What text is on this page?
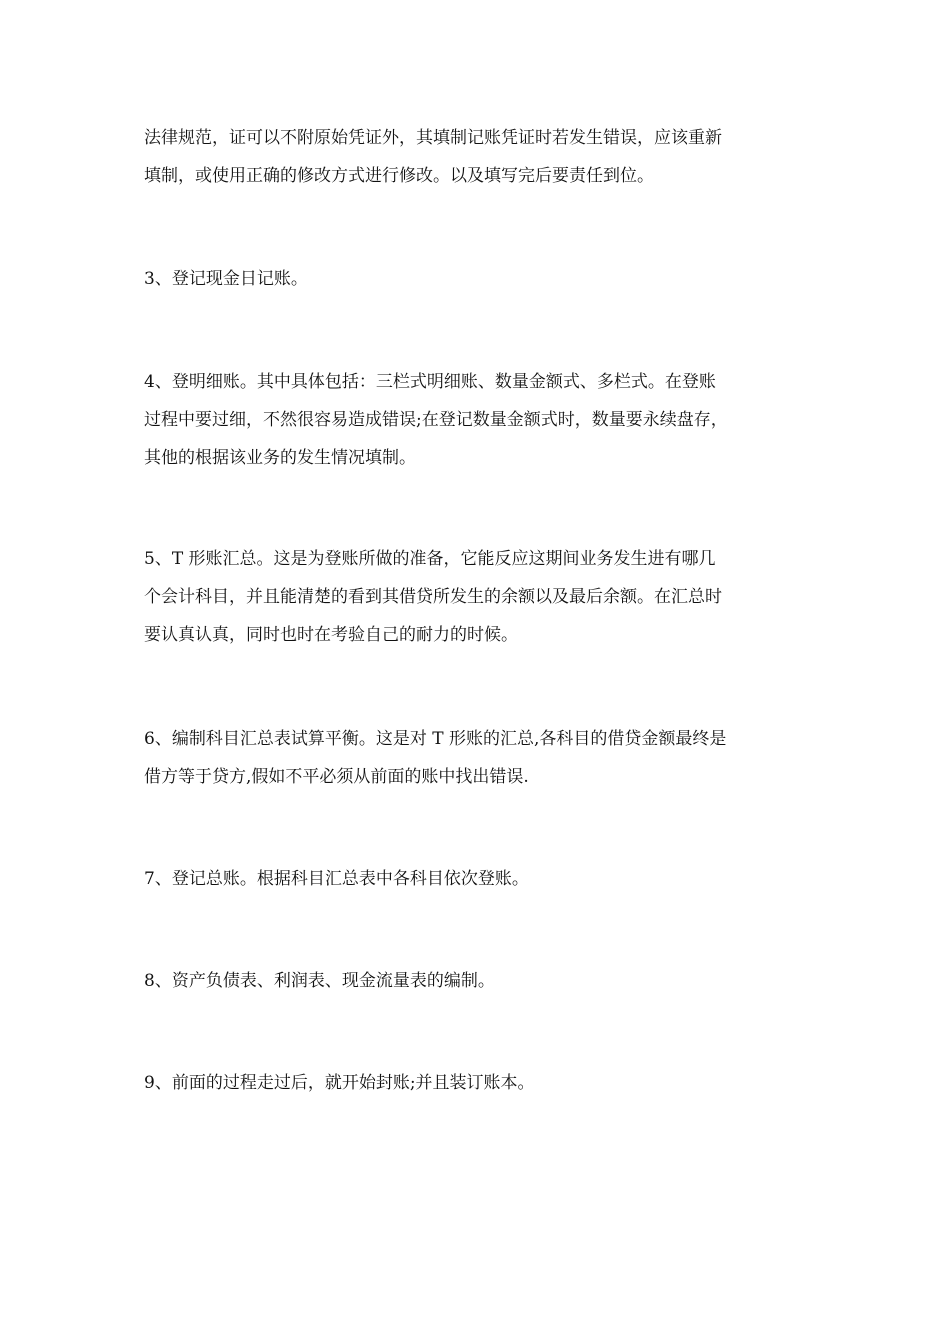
法律规范，证可以不附原始凭证外，其填制记账凭证时若发生错误，应该重新
填制，或使用正确的修改方式进行修改。以及填写完后要责任到位。

3、登记现金日记账。

4、登明细账。其中具体包括：三栏式明细账、数量金额式、多栏式。在登账
过程中要过细，不然很容易造成错误;在登记数量金额式时，数量要永续盘存，
其他的根据该业务的发生情况填制。

5、T 形账汇总。这是为登账所做的准备，它能反应这期间业务发生进有哪几
个会计科目，并且能清楚的看到其借贷所发生的余额以及最后余额。在汇总时
要认真认真，同时也时在考验自己的耐力的时候。

6、编制科目汇总表试算平衡。这是对 T 形账的汇总,各科目的借贷金额最终是
借方等于贷方,假如不平必须从前面的账中找出错误.

7、登记总账。根据科目汇总表中各科目依次登账。

8、资产负债表、利润表、现金流量表的编制。

9、前面的过程走过后，就开始封账;并且装订账本。
